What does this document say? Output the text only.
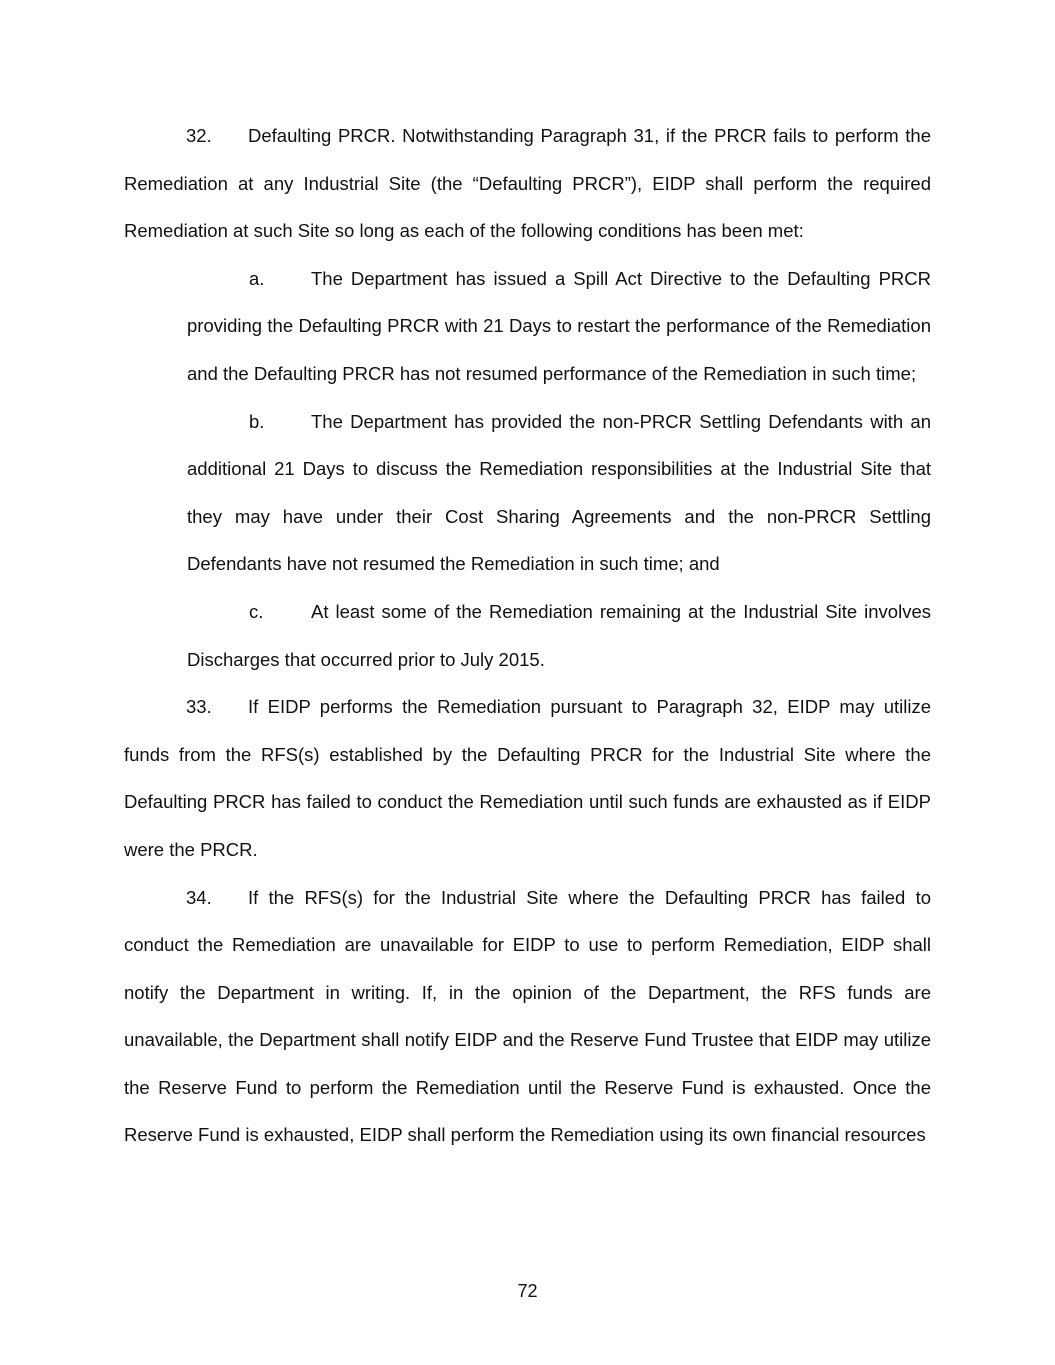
32. Defaulting PRCR. Notwithstanding Paragraph 31, if the PRCR fails to perform the Remediation at any Industrial Site (the “Defaulting PRCR”), EIDP shall perform the required Remediation at such Site so long as each of the following conditions has been met:

a.	The Department has issued a Spill Act Directive to the Defaulting PRCR providing the Defaulting PRCR with 21 Days to restart the performance of the Remediation and the Defaulting PRCR has not resumed performance of the Remediation in such time;

b.	The Department has provided the non-PRCR Settling Defendants with an additional 21 Days to discuss the Remediation responsibilities at the Industrial Site that they may have under their Cost Sharing Agreements and the non-PRCR Settling Defendants have not resumed the Remediation in such time; and

c.	At least some of the Remediation remaining at the Industrial Site involves Discharges that occurred prior to July 2015.

33. If EIDP performs the Remediation pursuant to Paragraph 32, EIDP may utilize funds from the RFS(s) established by the Defaulting PRCR for the Industrial Site where the Defaulting PRCR has failed to conduct the Remediation until such funds are exhausted as if EIDP were the PRCR.

34. If the RFS(s) for the Industrial Site where the Defaulting PRCR has failed to conduct the Remediation are unavailable for EIDP to use to perform Remediation, EIDP shall notify the Department in writing. If, in the opinion of the Department, the RFS funds are unavailable, the Department shall notify EIDP and the Reserve Fund Trustee that EIDP may utilize the Reserve Fund to perform the Remediation until the Reserve Fund is exhausted. Once the Reserve Fund is exhausted, EIDP shall perform the Remediation using its own financial resources

72
